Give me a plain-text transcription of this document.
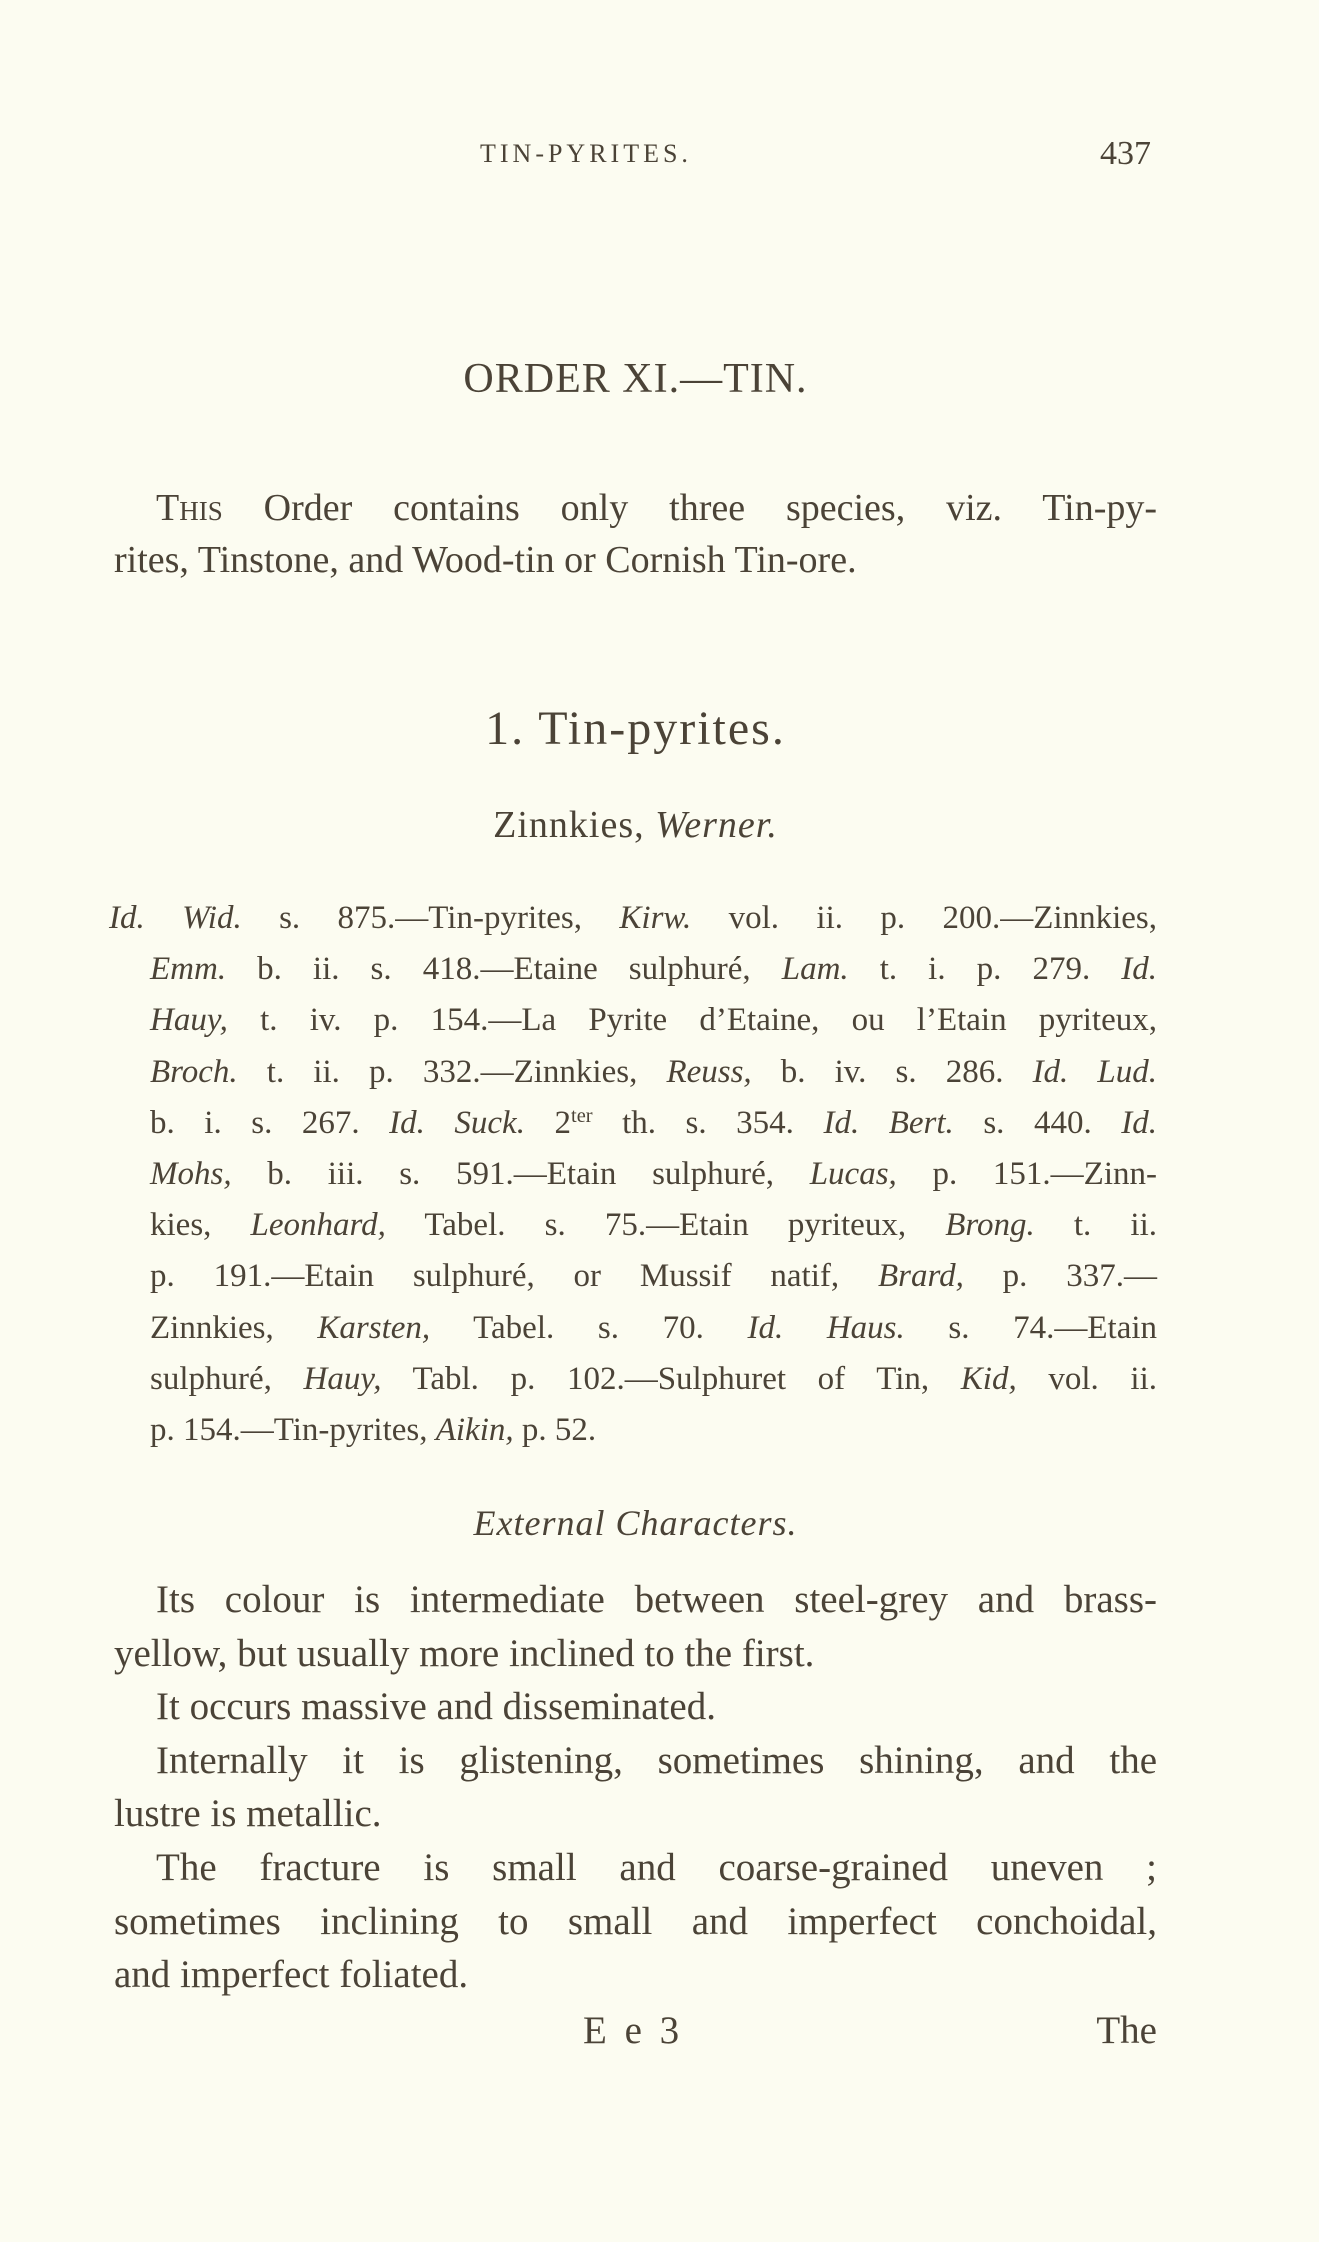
TIN-PYRITES.	437
ORDER XI.—TIN.
This Order contains only three species, viz. Tin-py-
rites, Tinstone, and Wood-tin or Cornish Tin-ore.
1. Tin-pyrites.
Zinnkies, Werner.
Id. Wid. s. 875.—Tin-pyrites, Kirw. vol. ii. p. 200.—Zinnkies,
Emm. b. ii. s. 418.—Etaine sulphuré, Lam. t. i. p. 279. Id.
Hauy, t. iv. p. 154.—La Pyrite d’Etaine, ou l’Etain pyriteux,
Broch. t. ii. p. 332.—Zinnkies, Reuss, b. iv. s. 286. Id. Lud.
b. i. s. 267. Id. Suck. $2^{ter}$ th. s. 354. Id. Bert. s. 440. Id.
Mohs, b. iii. s. 591.—Etain sulphuré, Lucas, p. 151.—Zinn-
kies, Leonhard, Tabel. s. 75.—Etain pyriteux, Brong. t. ii.
p. 191.—Etain sulphuré, or Mussif natif, Brard, p. 337.—
Zinnkies, Karsten, Tabel. s. 70. Id. Haus. s. 74.—Etain
sulphuré, Hauy, Tabl. p. 102.—Sulphuret of Tin, Kid, vol. ii.
p. 154.—Tin-pyrites, Aikin, p. 52.
External Characters.
Its colour is intermediate between steel-grey and brass-
yellow, but usually more inclined to the first.
It occurs massive and disseminated.
Internally it is glistening, sometimes shining, and the
lustre is metallic.
The fracture is small and coarse-grained uneven ;
sometimes inclining to small and imperfect conchoidal,
and imperfect foliated.
E e 3	The
